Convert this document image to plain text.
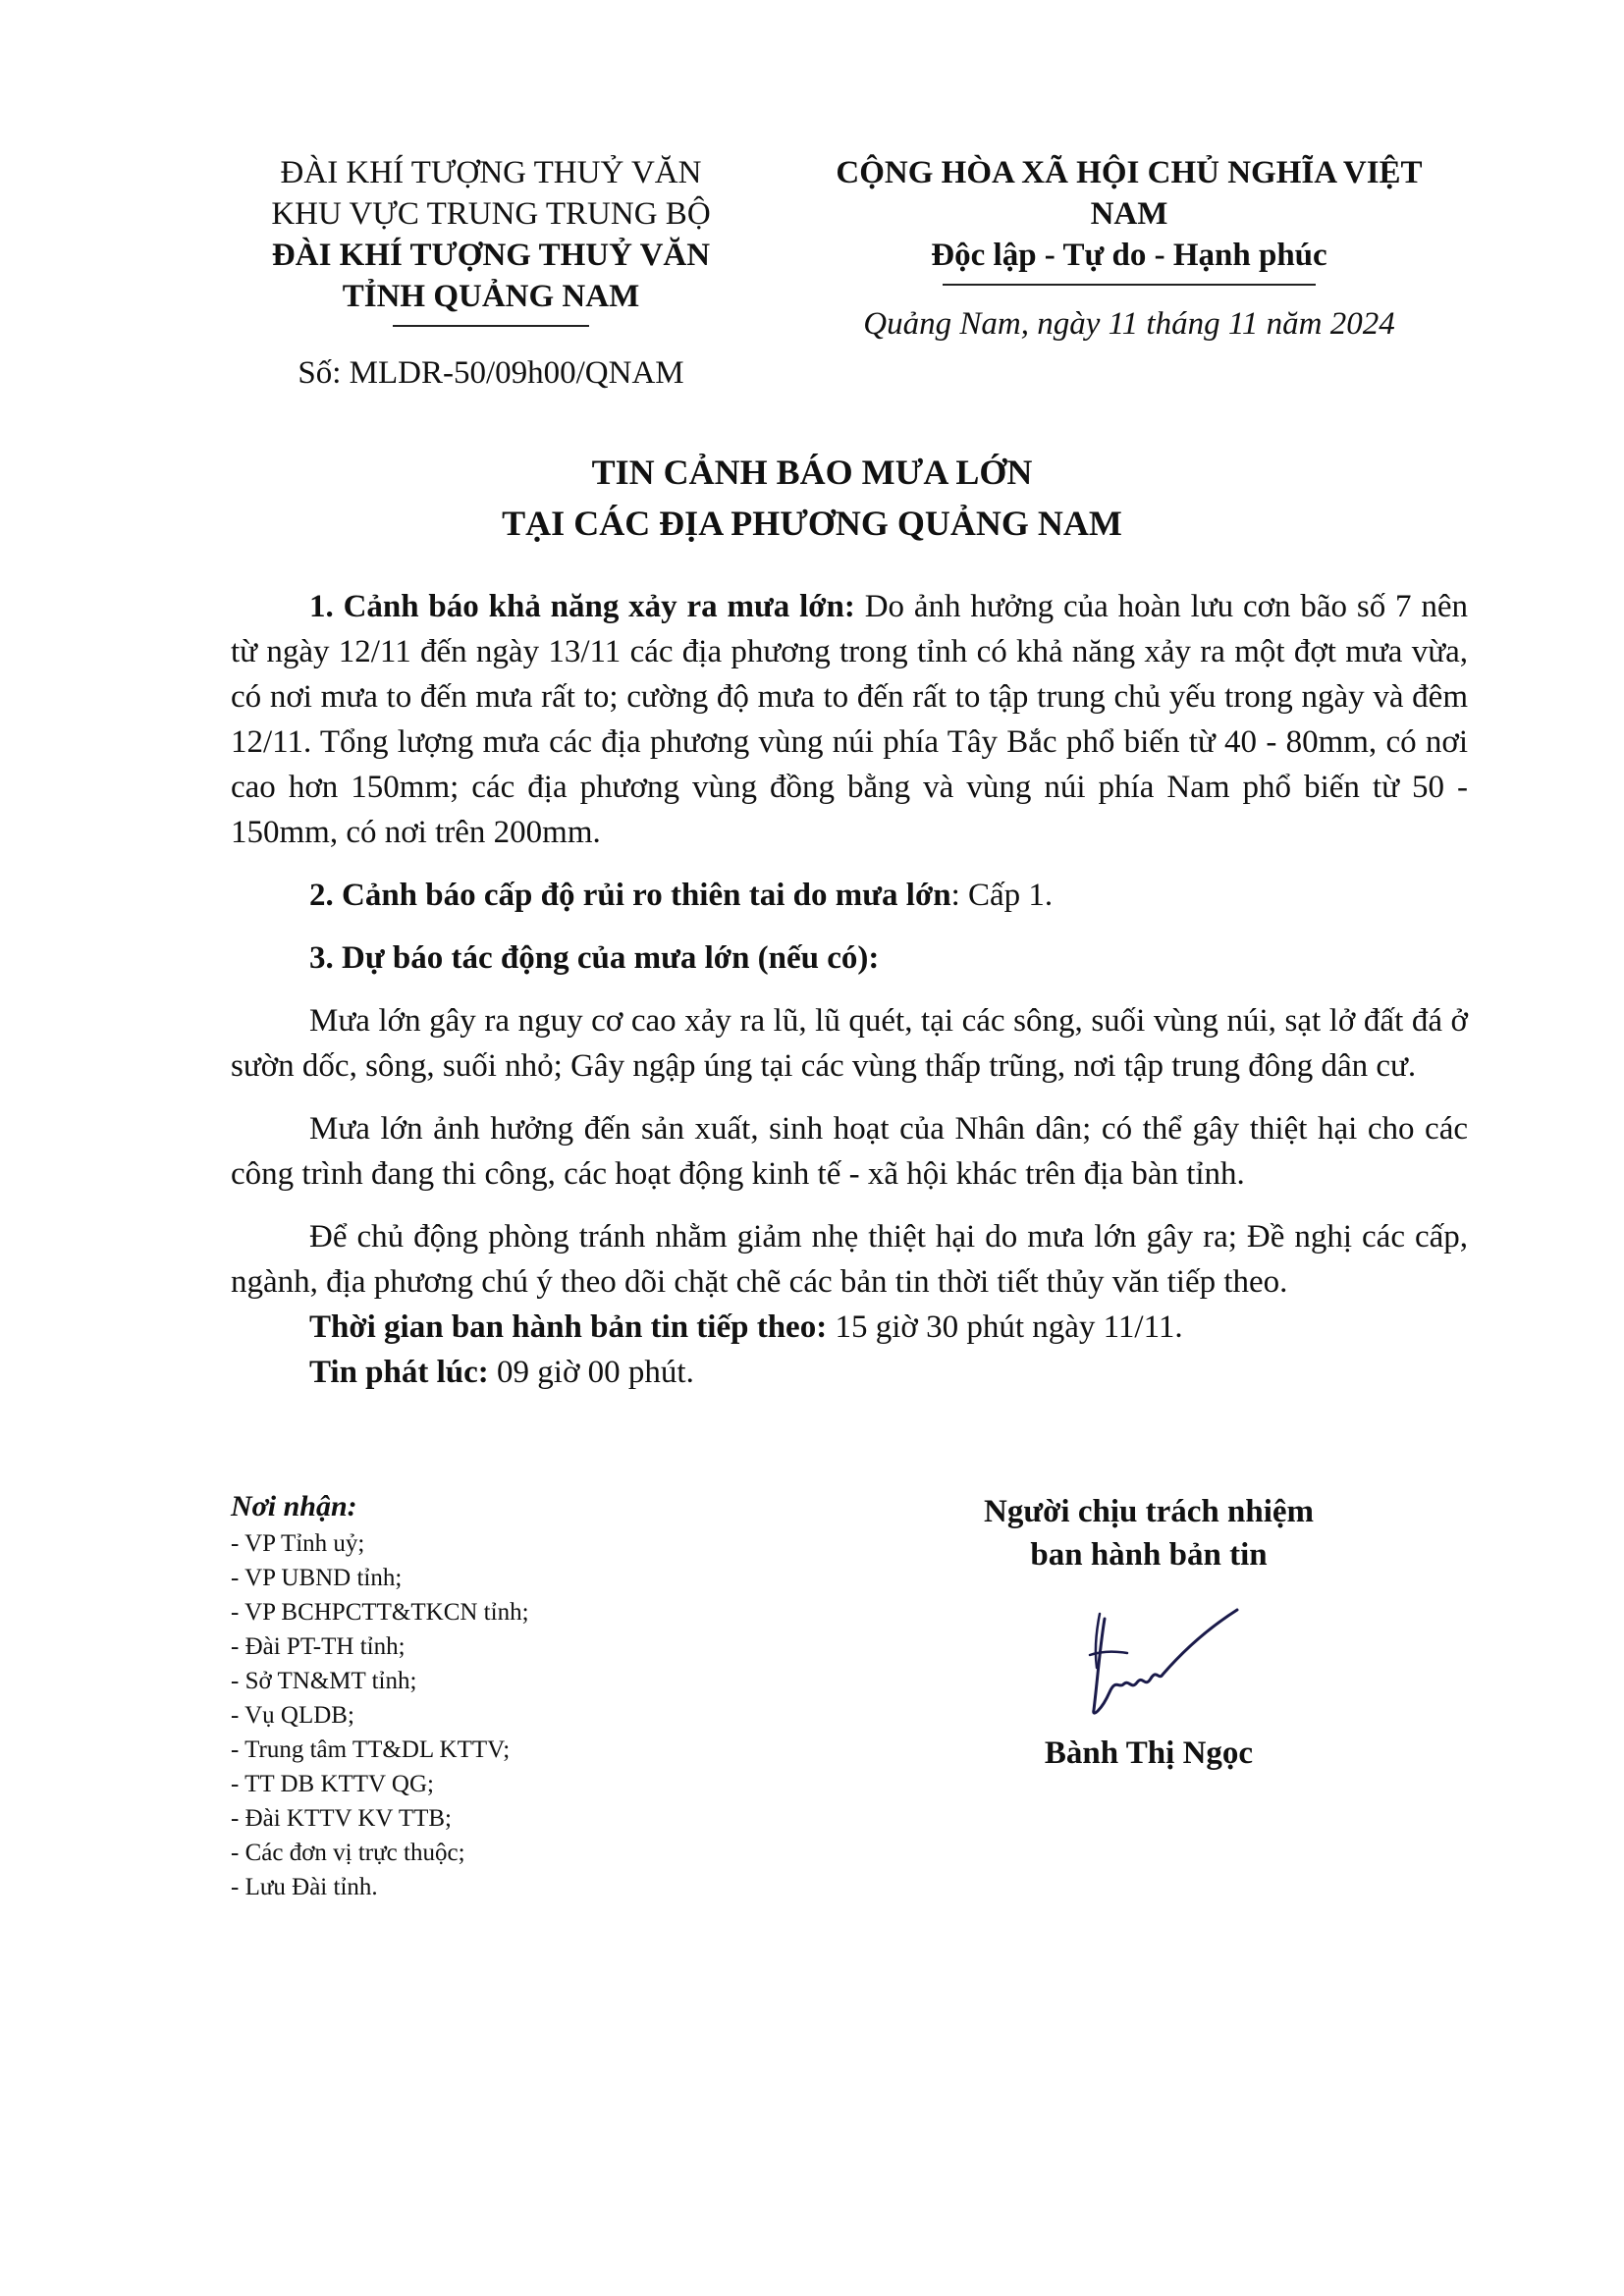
ĐÀI KHÍ TƯỢNG THUỶ VĂN
KHU VỰC TRUNG TRUNG BỘ
ĐÀI KHÍ TƯỢNG THUỶ VĂN
TỈNH QUẢNG NAM
Số: MLDR-50/09h00/QNAM
CỘNG HÒA XÃ HỘI CHỦ NGHĨA VIỆT NAM
Độc lập - Tự do - Hạnh phúc
Quảng Nam, ngày 11 tháng 11 năm 2024
TIN CẢNH BÁO MƯA LỚN
TẠI CÁC ĐỊA PHƯƠNG QUẢNG NAM

1. Cảnh báo khả năng xảy ra mưa lớn: Do ảnh hưởng của hoàn lưu cơn bão số 7 nên từ ngày 12/11 đến ngày 13/11 các địa phương trong tỉnh có khả năng xảy ra một đợt mưa vừa, có nơi mưa to đến mưa rất to; cường độ mưa to đến rất to tập trung chủ yếu trong ngày và đêm 12/11. Tổng lượng mưa các địa phương vùng núi phía Tây Bắc phổ biến từ 40 - 80mm, có nơi cao hơn 150mm; các địa phương vùng đồng bằng và vùng núi phía Nam phổ biến từ 50 - 150mm, có nơi trên 200mm.

2. Cảnh báo cấp độ rủi ro thiên tai do mưa lớn: Cấp 1.

3. Dự báo tác động của mưa lớn (nếu có):

Mưa lớn gây ra nguy cơ cao xảy ra lũ, lũ quét, tại các sông, suối vùng núi, sạt lở đất đá ở sườn dốc, sông, suối nhỏ; Gây ngập úng tại các vùng thấp trũng, nơi tập trung đông dân cư.

Mưa lớn ảnh hưởng đến sản xuất, sinh hoạt của Nhân dân; có thể gây thiệt hại cho các công trình đang thi công, các hoạt động kinh tế - xã hội khác trên địa bàn tỉnh.

Để chủ động phòng tránh nhằm giảm nhẹ thiệt hại do mưa lớn gây ra; Đề nghị các cấp, ngành, địa phương chú ý theo dõi chặt chẽ các bản tin thời tiết thủy văn tiếp theo.

Thời gian ban hành bản tin tiếp theo: 15 giờ 30 phút ngày 11/11.

Tin phát lúc: 09 giờ 00 phút.

Nơi nhận:
- VP Tỉnh uỷ;
- VP UBND tỉnh;
- VP BCHPCTT&TKCN tỉnh;
- Đài PT-TH tỉnh;
- Sở TN&MT tỉnh;
- Vụ QLDB;
- Trung tâm TT&DL KTTV;
- TT DB KTTV QG;
- Đài KTTV KV TTB;
- Các đơn vị trực thuộc;
- Lưu Đài tỉnh.
Người chịu trách nhiệm
ban hành bản tin
Bành Thị Ngọc
